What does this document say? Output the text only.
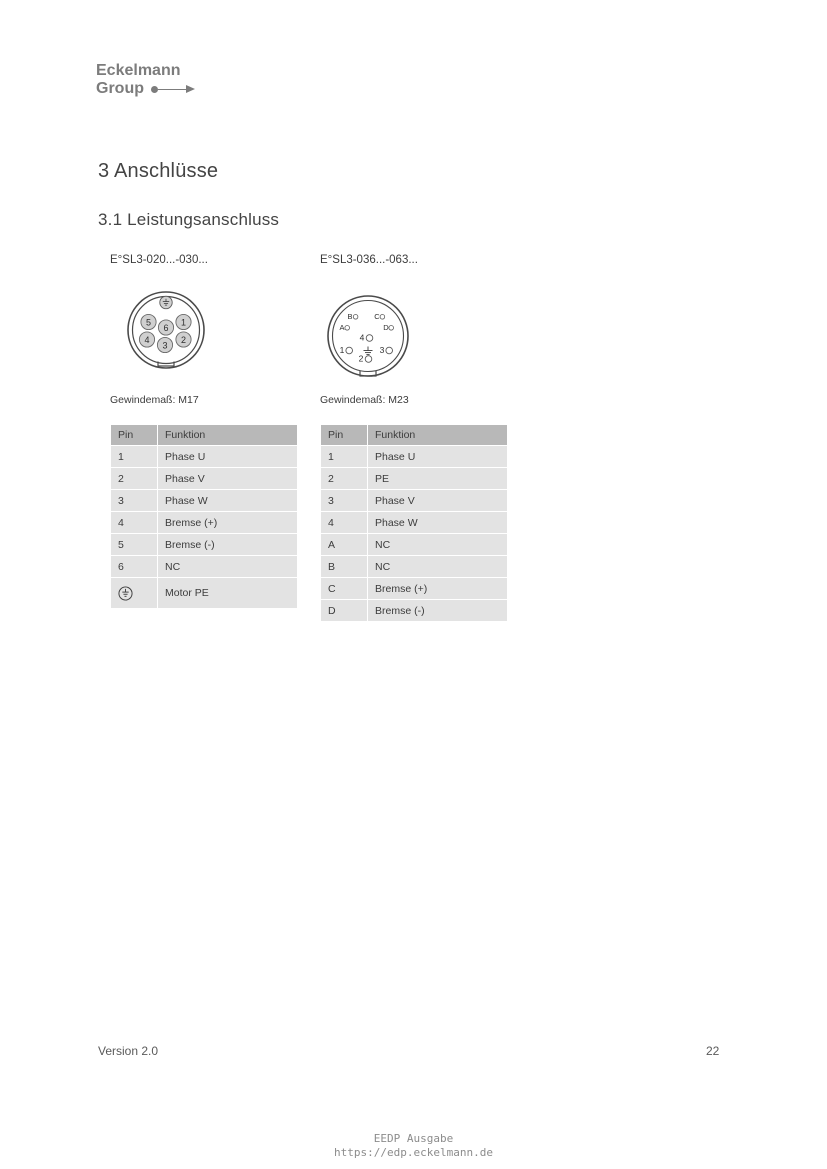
Eckelmann
Group
3 Anschlüsse
3.1 Leistungsanschluss
E°SL3-020...-030...
5
6
1
4
3
2
Gewindemaß: M17
E°SL3-036...-063...
B	C
A	D
4
1	3
2
Gewindemaß: M23
Pin	Funktion
1	Phase U
2	Phase V
3	Phase W
4	Bremse (+)
5	Bremse (-)
6	NC
	Motor PE
Pin	Funktion
1	Phase U
2	PE
3	Phase V
4	Phase W
A	NC
B	NC
C	Bremse (+)
D	Bremse (-)
Version 2.0	22
EEDP Ausgabe
https://edp.eckelmann.de
